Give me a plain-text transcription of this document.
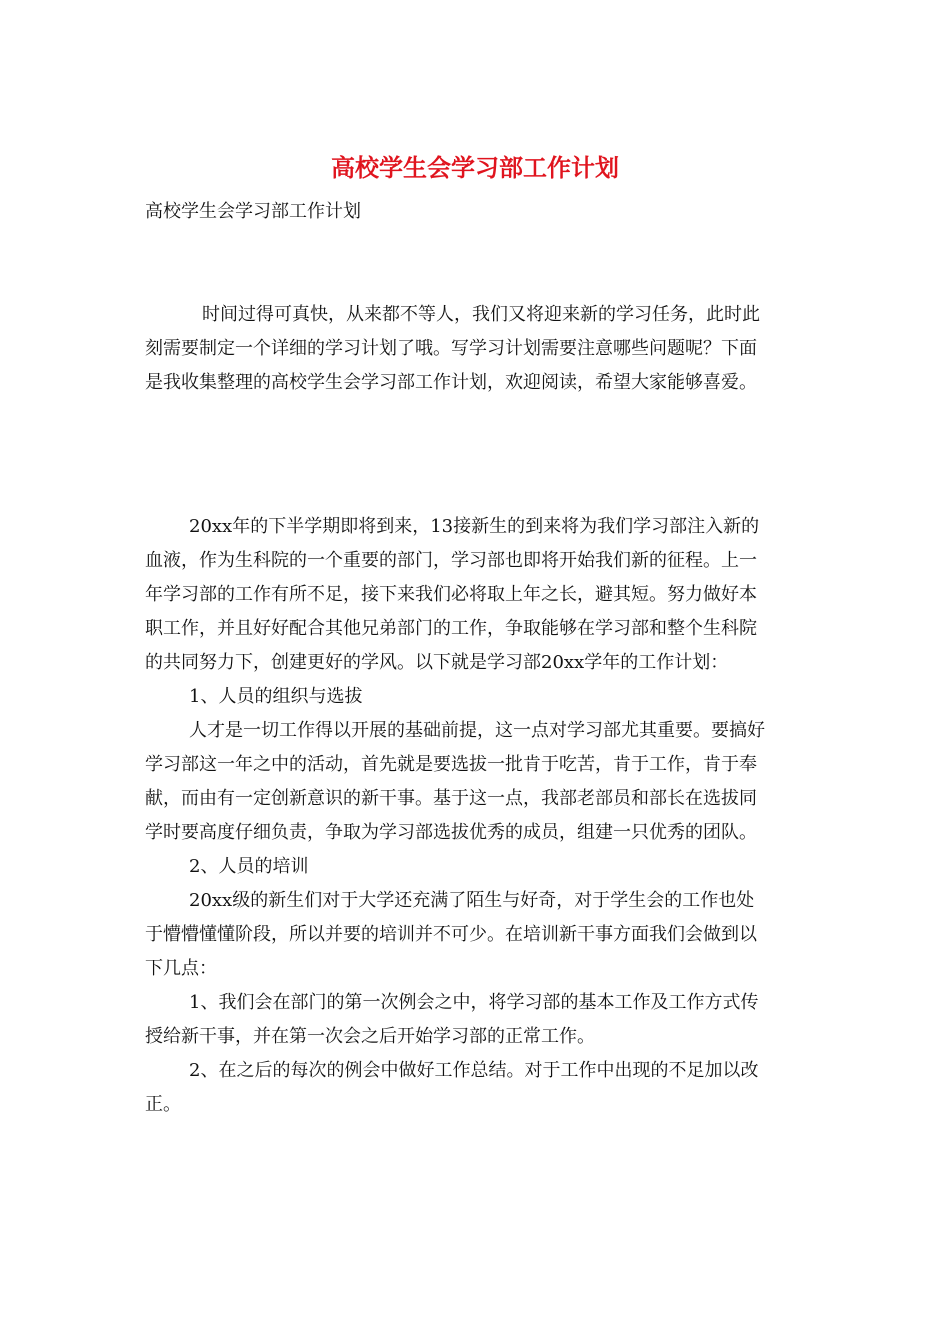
高校学生会学习部工作计划
高校学生会学习部工作计划
时间过得可真快，从来都不等人，我们又将迎来新的学习任务，此时此
刻需要制定一个详细的学习计划了哦。写学习计划需要注意哪些问题呢？下面
是我收集整理的高校学生会学习部工作计划，欢迎阅读，希望大家能够喜爱。
20xx年的下半学期即将到来，13接新生的到来将为我们学习部注入新的
血液，作为生科院的一个重要的部门，学习部也即将开始我们新的征程。上一
年学习部的工作有所不足，接下来我们必将取上年之长，避其短。努力做好本
职工作，并且好好配合其他兄弟部门的工作，争取能够在学习部和整个生科院
的共同努力下，创建更好的学风。以下就是学习部20xx学年的工作计划：
1、人员的组织与选拔
人才是一切工作得以开展的基础前提，这一点对学习部尤其重要。要搞好
学习部这一年之中的活动，首先就是要选拔一批肯于吃苦，肯于工作，肯于奉
献，而由有一定创新意识的新干事。基于这一点，我部老部员和部长在选拔同
学时要高度仔细负责，争取为学习部选拔优秀的成员，组建一只优秀的团队。
2、人员的培训
20xx级的新生们对于大学还充满了陌生与好奇，对于学生会的工作也处
于懵懵懂懂阶段，所以并要的培训并不可少。在培训新干事方面我们会做到以
下几点：
1、我们会在部门的第一次例会之中，将学习部的基本工作及工作方式传
授给新干事，并在第一次会之后开始学习部的正常工作。
2、在之后的每次的例会中做好工作总结。对于工作中出现的不足加以改
正。
